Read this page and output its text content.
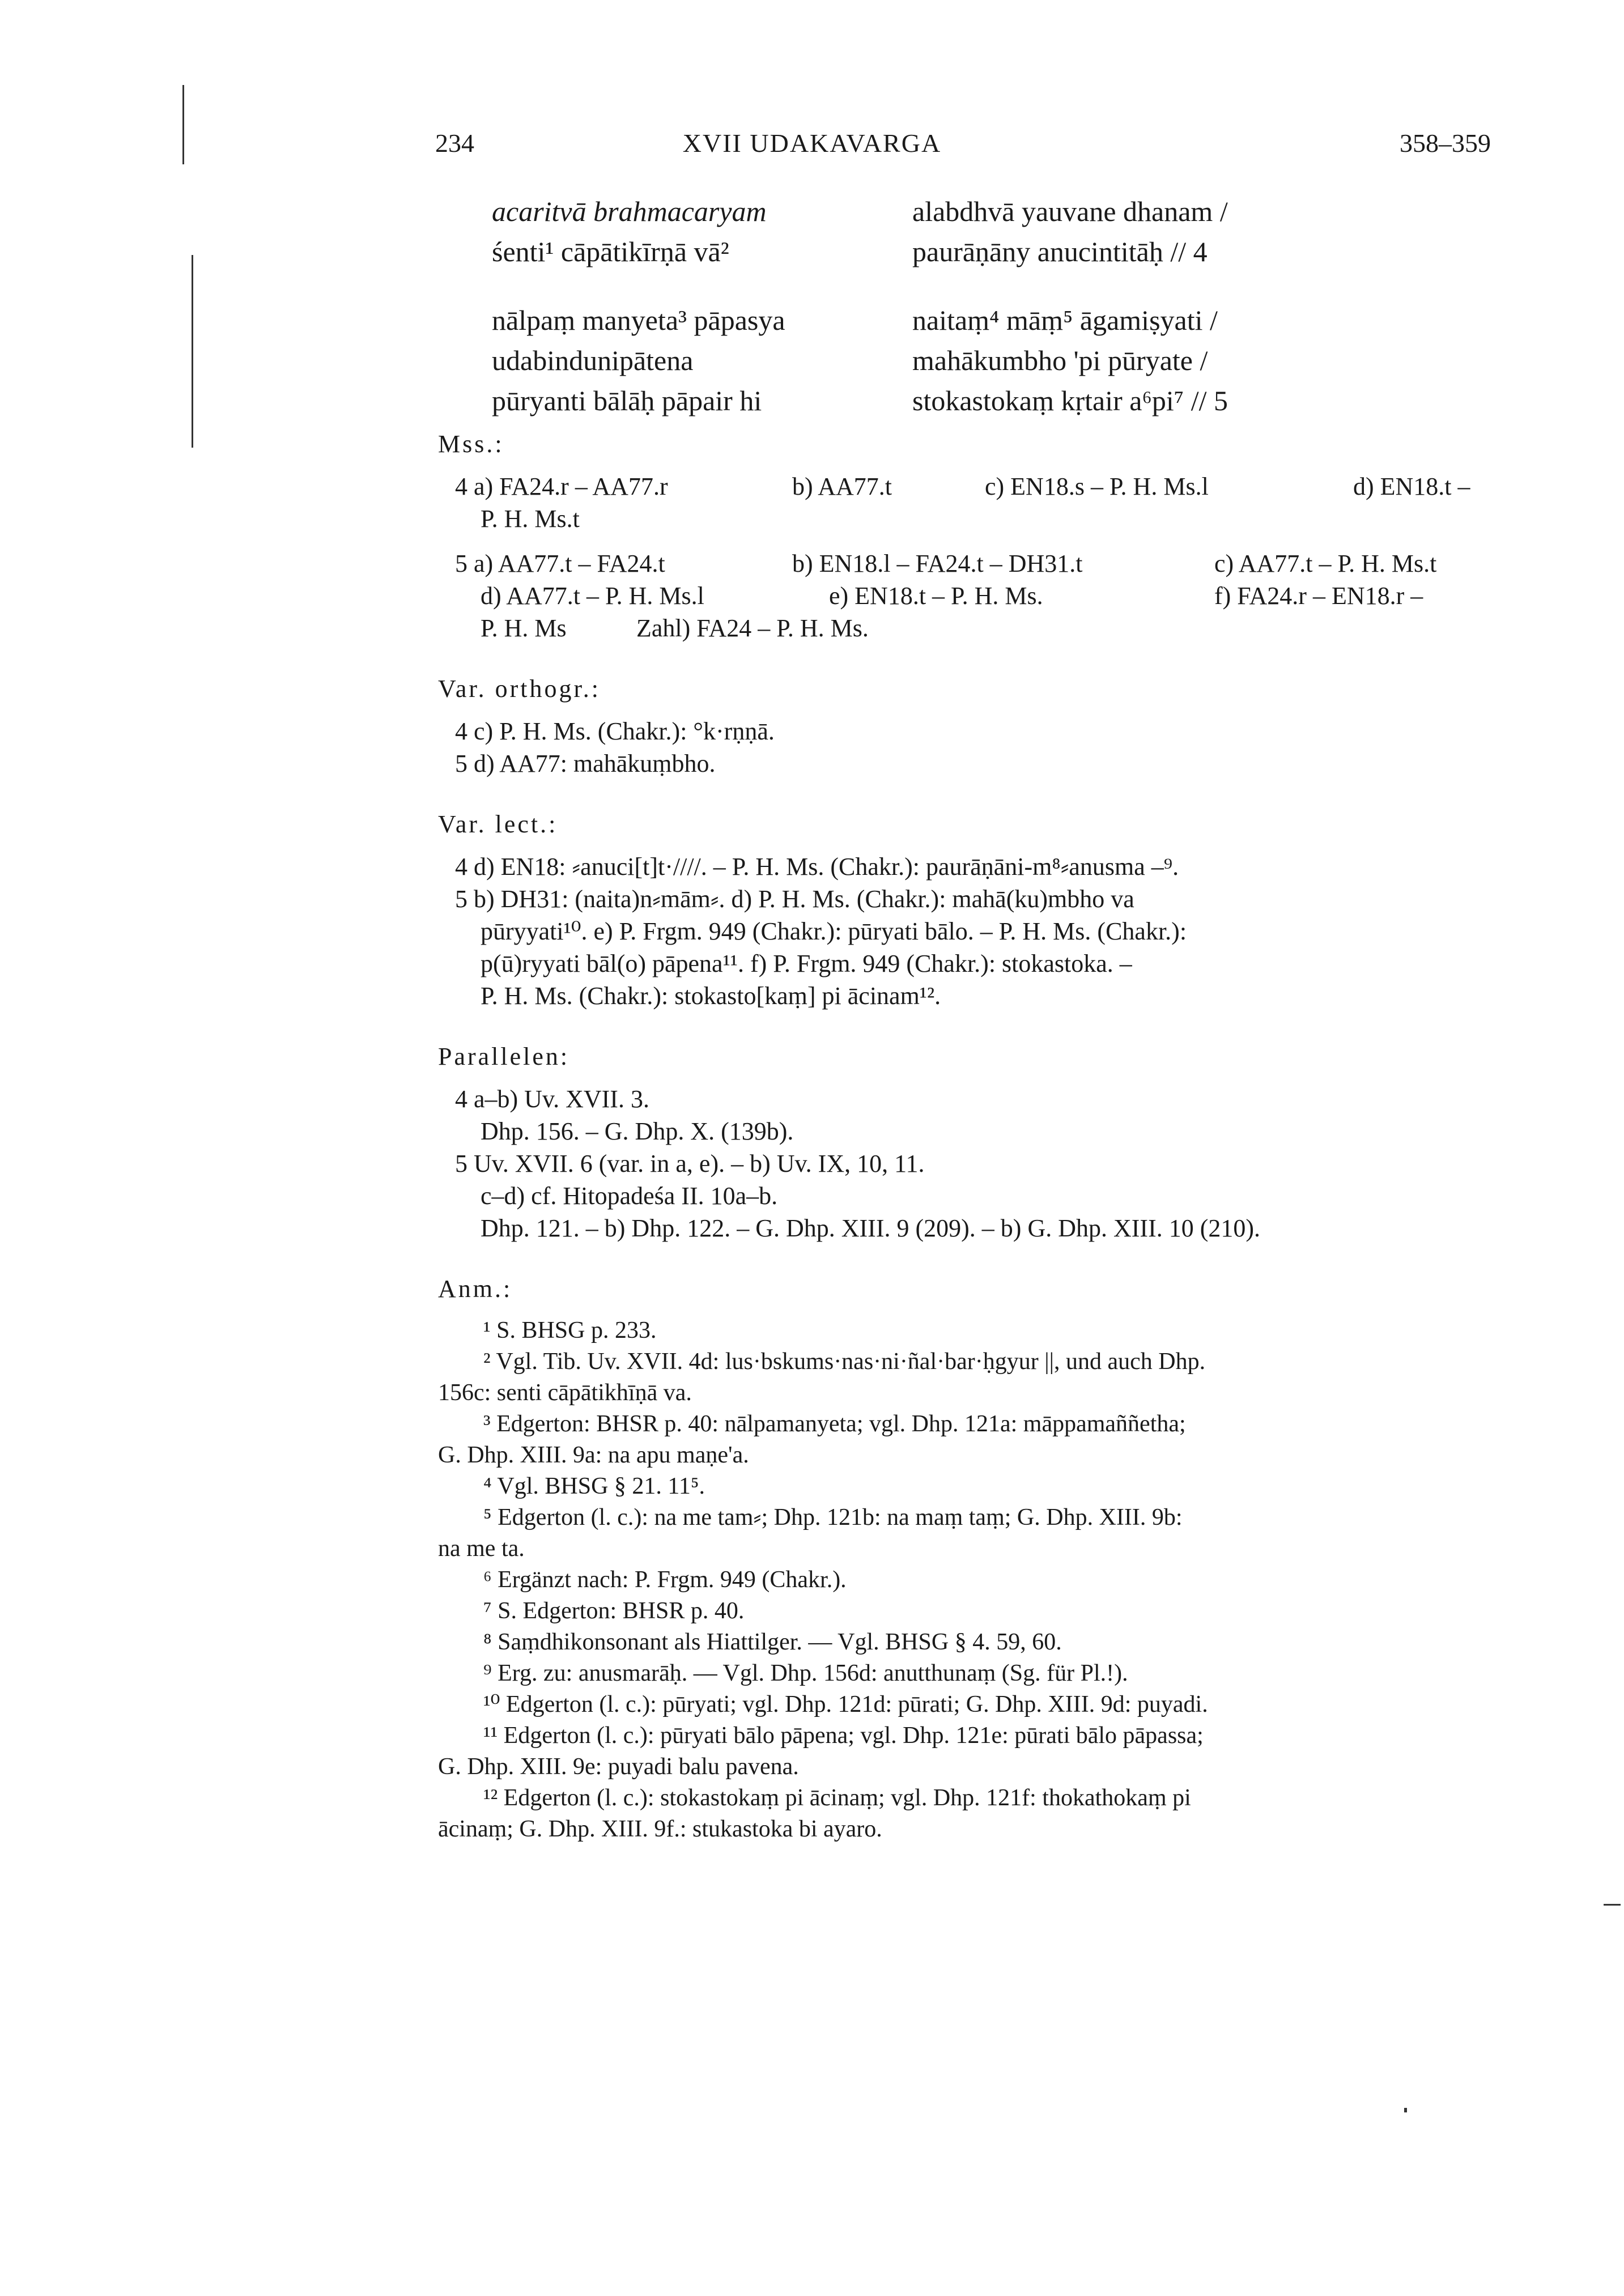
234	XVII UDAKAVARGA	358–359
acaritvā brahmacaryam	alabdhvā yauvane dhanam /
śenti¹ cāpātikīrṇā vā²	paurāṇāny anucintitāḥ // 4
nālpaṃ manyeta³ pāpasya	naitaṃ⁴ māṃ⁵ āgamiṣyati /
udabindunipātena	mahākumbho 'pi pūryate /
pūryanti bālāḥ pāpair hi	stokastokaṃ kṛtair a⁶pi⁷ // 5
Mss.:
4 a) FA24.r – AA77.r	b) AA77.t	c) EN18.s – P. H. Ms.l	d) EN18.t –
P. H. Ms.t
5 a) AA77.t – FA24.t	b) EN18.l – FA24.t – DH31.t	c) AA77.t – P. H. Ms.t
d) AA77.t – P. H. Ms.l	e) EN18.t – P. H. Ms.	f) FA24.r – EN18.r –
P. H. Ms	Zahl) FA24 – P. H. Ms.
Var. orthogr.:
4 c) P. H. Ms. (Chakr.): °k·rṇṇā.
5 d) AA77: mahākuṃbho.
Var. lect.:
4 d) EN18: ⸗anuci[t]t·////. – P. H. Ms. (Chakr.): paurāṇāni-m⁸⸗anusma –⁹.
5 b) DH31: (naita)n⸗mām⸗. d) P. H. Ms. (Chakr.): mahā(ku)mbho va
pūryyati¹⁰. e) P. Frgm. 949 (Chakr.): pūryati bālo. – P. H. Ms. (Chakr.):
p(ū)ryyati bāl(o) pāpena¹¹. f) P. Frgm. 949 (Chakr.): stokastoka. –
P. H. Ms. (Chakr.): stokasto[kaṃ] pi ācinam¹².
Parallelen:
4 a–b) Uv. XVII. 3.
Dhp. 156. – G. Dhp. X. (139b).
5 Uv. XVII. 6 (var. in a, e). – b) Uv. IX, 10, 11.
c–d) cf. Hitopadeśa II. 10a–b.
Dhp. 121. – b) Dhp. 122. – G. Dhp. XIII. 9 (209). – b) G. Dhp. XIII. 10 (210).
Anm.:
¹ S. BHSG p. 233.
² Vgl. Tib. Uv. XVII. 4d: lus·bskums·nas·ni·ñal·bar·ḥgyur ||, und auch Dhp.
156c: senti cāpātikhīṇā va.
³ Edgerton: BHSR p. 40: nālpamanyeta; vgl. Dhp. 121a: māppamaññetha;
G. Dhp. XIII. 9a: na apu maṇe'a.
⁴ Vgl. BHSG § 21. 11⁵.
⁵ Edgerton (l. c.): na me tam⸗; Dhp. 121b: na maṃ taṃ; G. Dhp. XIII. 9b:
na me ta.
⁶ Ergänzt nach: P. Frgm. 949 (Chakr.).
⁷ S. Edgerton: BHSR p. 40.
⁸ Saṃdhikonsonant als Hiattilger. — Vgl. BHSG § 4. 59, 60.
⁹ Erg. zu: anusmarāḥ. — Vgl. Dhp. 156d: anutthunaṃ (Sg. für Pl.!).
¹⁰ Edgerton (l. c.): pūryati; vgl. Dhp. 121d: pūrati; G. Dhp. XIII. 9d: puyadi.
¹¹ Edgerton (l. c.): pūryati bālo pāpena; vgl. Dhp. 121e: pūrati bālo pāpassa;
G. Dhp. XIII. 9e: puyadi balu pavena.
¹² Edgerton (l. c.): stokastokaṃ pi ācinaṃ; vgl. Dhp. 121f: thokathokaṃ pi
ācinaṃ; G. Dhp. XIII. 9f.: stukastoka bi ayaro.
